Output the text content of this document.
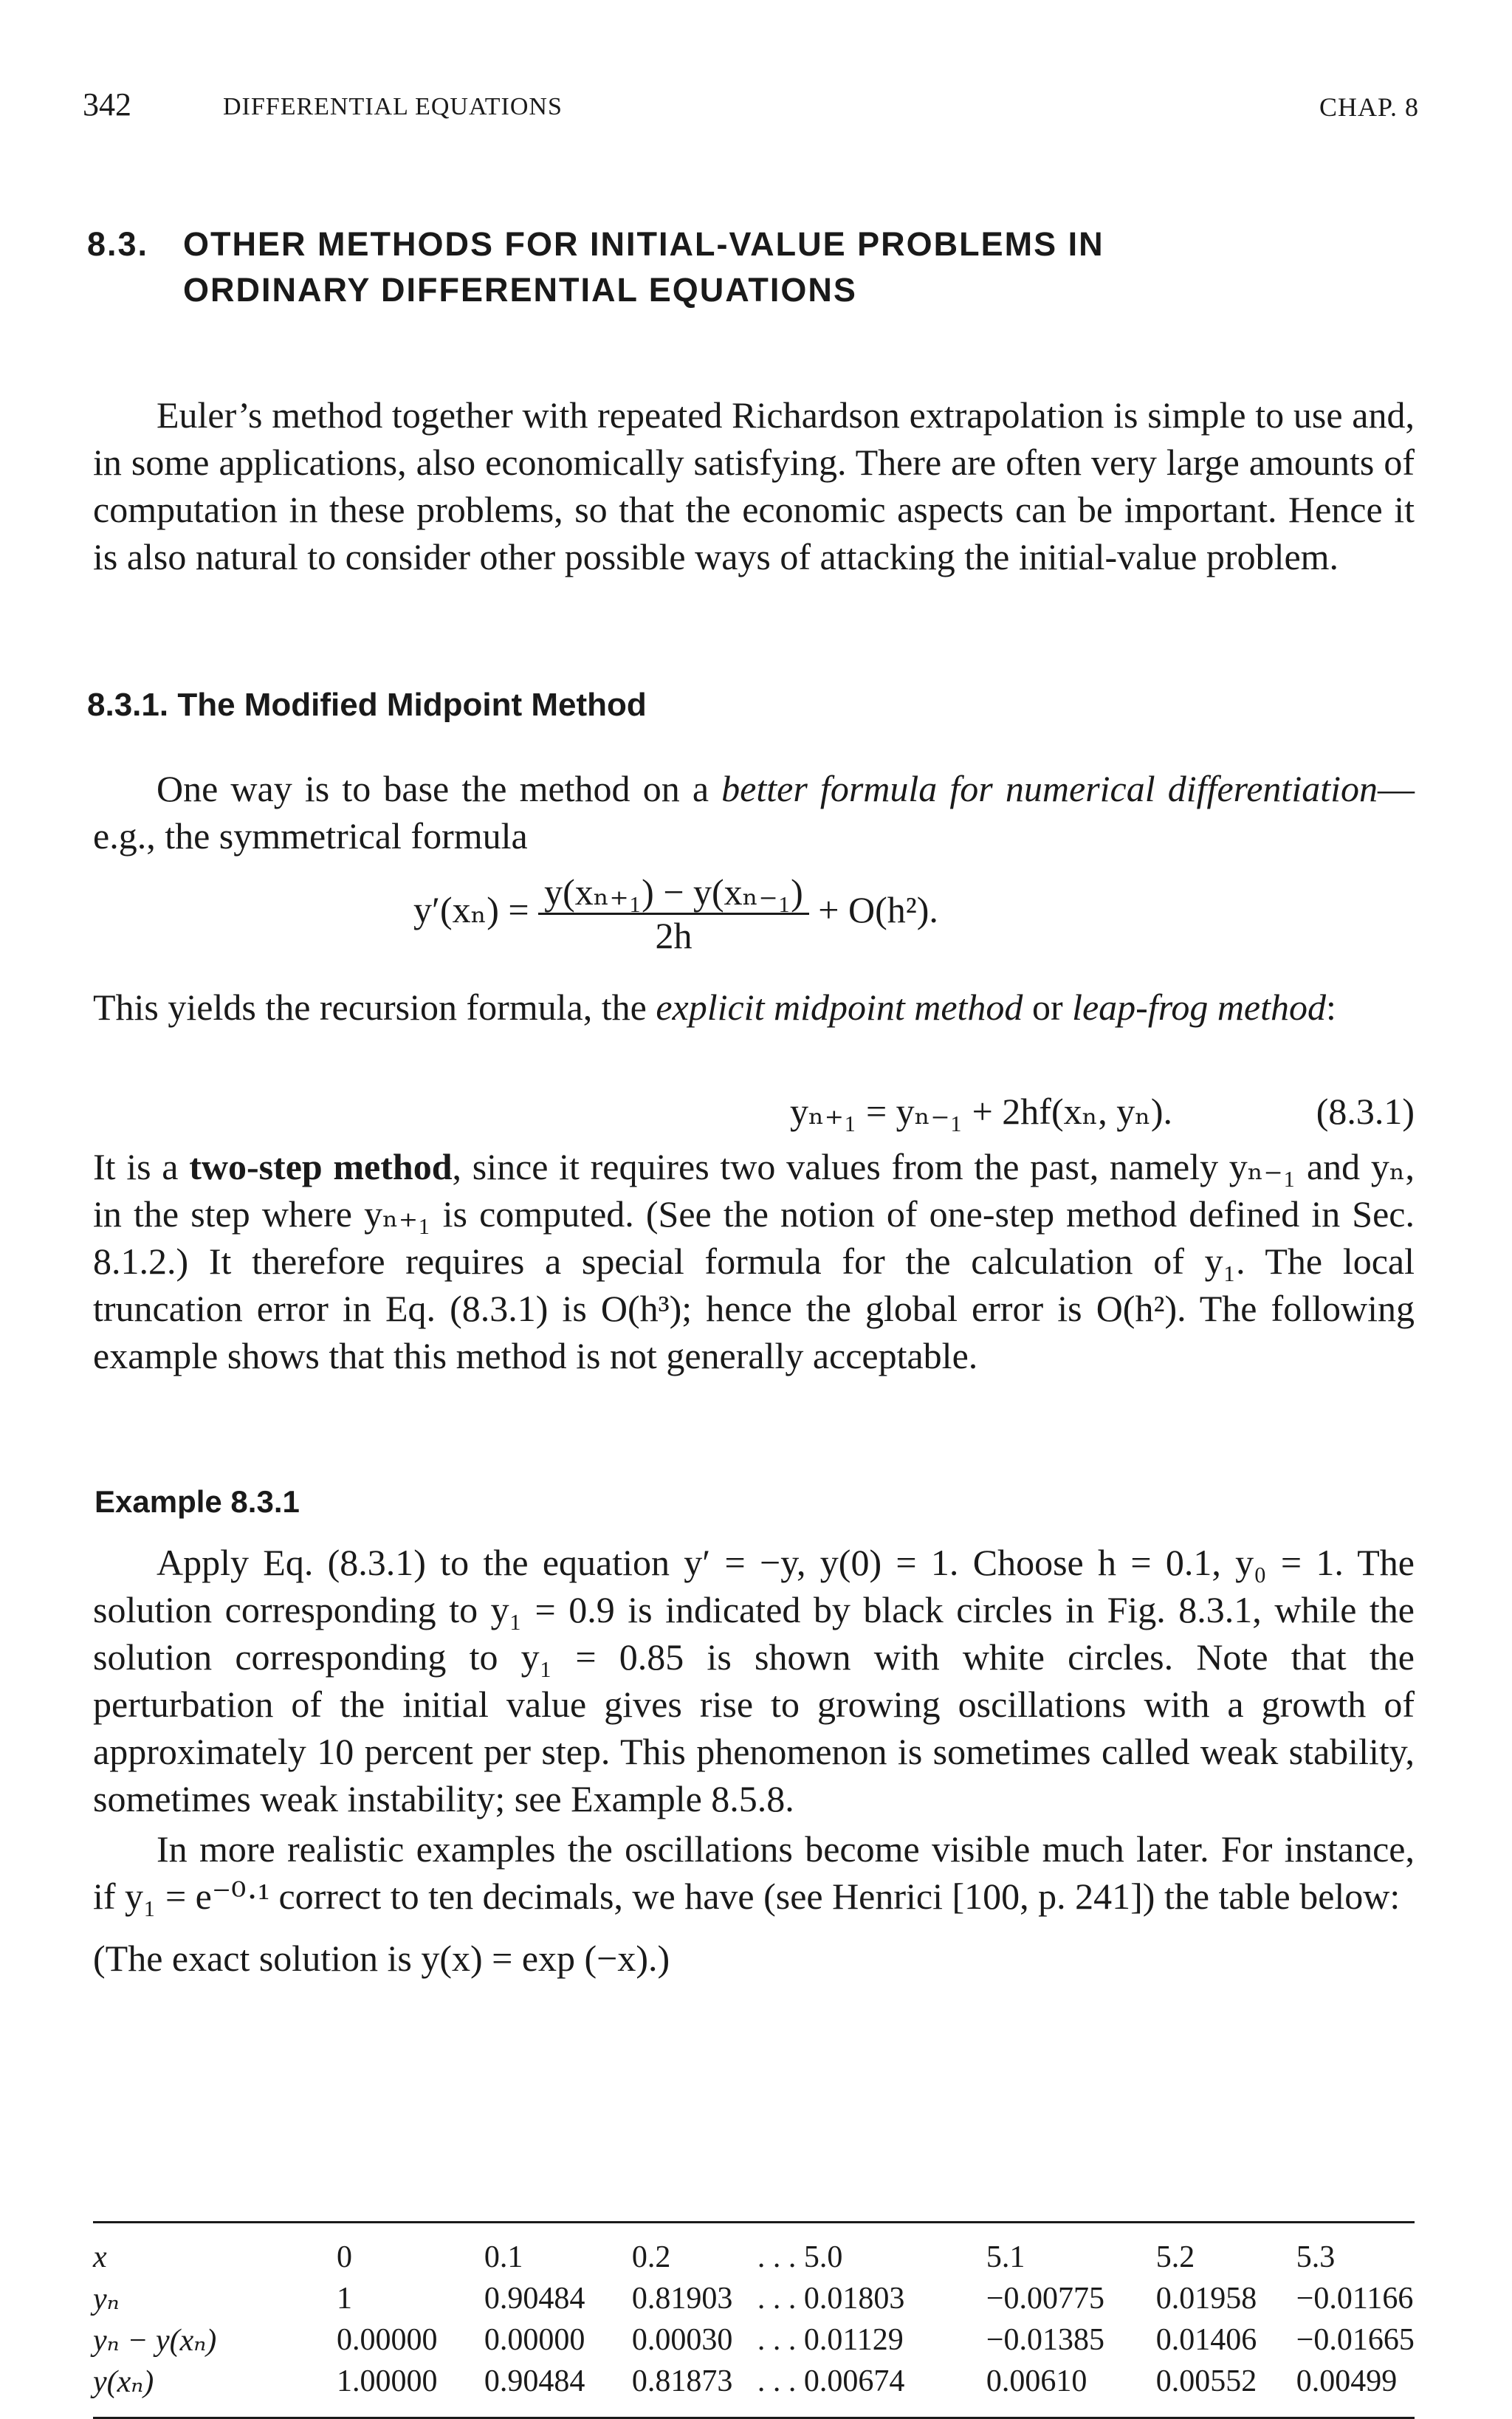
342	DIFFERENTIAL EQUATIONS	CHAP. 8
8.3. OTHER METHODS FOR INITIAL-VALUE PROBLEMS IN ORDINARY DIFFERENTIAL EQUATIONS

Euler’s method together with repeated Richardson extrapolation is simple to use and, in some applications, also economically satisfying. There are often very large amounts of computation in these problems, so that the economic aspects can be important. Hence it is also natural to consider other possible ways of attacking the initial-value problem.

8.3.1. The Modified Midpoint Method

One way is to base the method on a better formula for numerical differentiation—e.g., the symmetrical formula

$y'(x_n) = \frac{\text{y(xₙ₊₁) − y(xₙ₋₁)}}{2h} + O(h^2)$.

This yields the recursion formula, the explicit midpoint method or leap-frog method:

yₙ₊₁ = yₙ₋₁ + 2hf(xₙ, yₙ).	(8.3.1)

It is a two-step method, since it requires two values from the past, namely yₙ₋₁ and yₙ, in the step where yₙ₊₁ is computed. (See the notion of one-step method defined in Sec. 8.1.2.) It therefore requires a special formula for the calculation of y₁. The local truncation error in Eq. (8.3.1) is O(h³); hence the global error is O(h²). The following example shows that this method is not generally acceptable.

Example 8.3.1

Apply Eq. (8.3.1) to the equation y′ = −y, y(0) = 1. Choose h = 0.1, y₀ = 1. The solution corresponding to y₁ = 0.9 is indicated by black circles in Fig. 8.3.1, while the solution corresponding to y₁ = 0.85 is shown with white circles. Note that the perturbation of the initial value gives rise to growing oscillations with a growth of approximately 10 percent per step. This phenomenon is sometimes called weak stability, sometimes weak instability; see Example 8.5.8.

In more realistic examples the oscillations become visible much later. For instance, if y₁ = e⁻⁰·¹ correct to ten decimals, we have (see Henrici [100, p. 241]) the table below:

(The exact solution is y(x) = exp (−x).)

x	0	0.1	0.2	. . . 5.0	5.1	5.2	5.3
yₙ	1	0.90484	0.81903	. . . 0.01803	−0.00775	0.01958	−0.01166
yₙ − y(xₙ)	0.00000	0.00000	0.00030	. . . 0.01129	−0.01385	0.01406	−0.01665
y(xₙ)	1.00000	0.90484	0.81873	. . . 0.00674	0.00610	0.00552	0.00499
